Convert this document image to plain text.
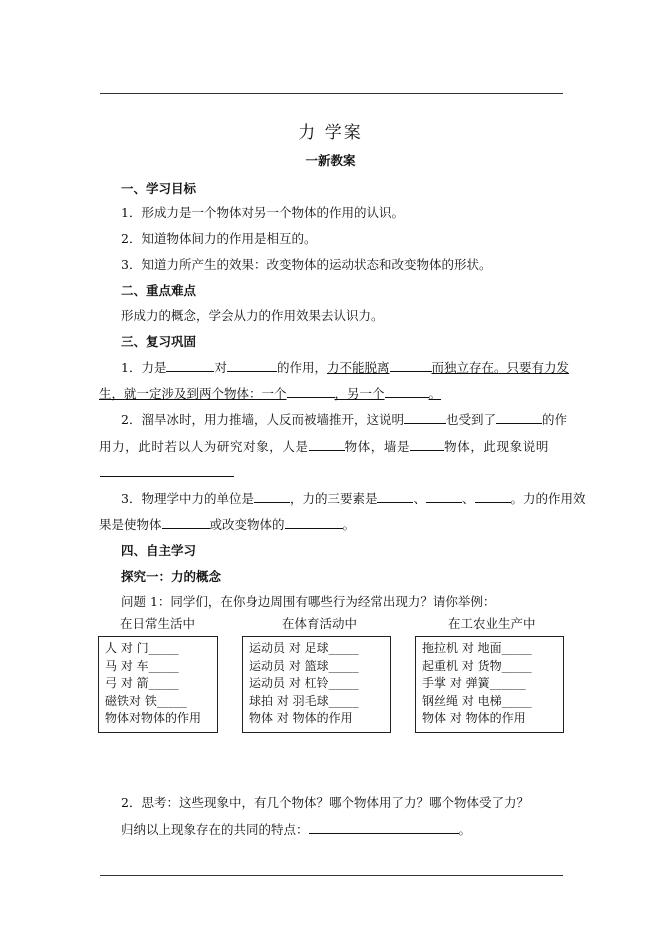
力 学案
一新教案
一、学习目标
1．形成力是一个物体对另一个物体的作用的认识。
2．知道物体间力的作用是相互的。
3．知道力所产生的效果：改变物体的运动状态和改变物体的形状。
二、重点难点
形成力的概念，学会从力的作用效果去认识力。
三、复习巩固
1．力是	对	的作用，力不能脱离	而独立存在。只要有力发
生，就一定涉及到两个物体：一个	，另一个	。
2．溜旱冰时，用力推墙，人反而被墙推开，这说明	也受到了	的作
用力，此时若以人为研究对象，人是	物体，墙是	物体，此现象说明
3．物理学中力的单位是	，力的三要素是	、	、	。力的作用效
果是使物体	或改变物体的	。
四、自主学习
探究一：力的概念
问题 1：同学们，在你身边周围有哪些行为经常出现力？请你举例：
在日常生活中	在体育活动中	在工农业生产中
人 对 门_____
马 对 车_____
弓 对 箭_____
磁铁对 铁_____
物体对物体的作用
运动员 对 足球_____
运动员 对 篮球_____
运动员 对 杠铃_____
球拍 对 羽毛球_____
物体 对 物体的作用
拖拉机 对 地面_____
起重机 对 货物_____
手掌 对 弹簧______
钢丝绳 对 电梯_____
物体 对 物体的作用
2．思考：这些现象中，有几个物体？哪个物体用了力？哪个物体受了力？
归纳以上现象存在的共同的特点：	。
